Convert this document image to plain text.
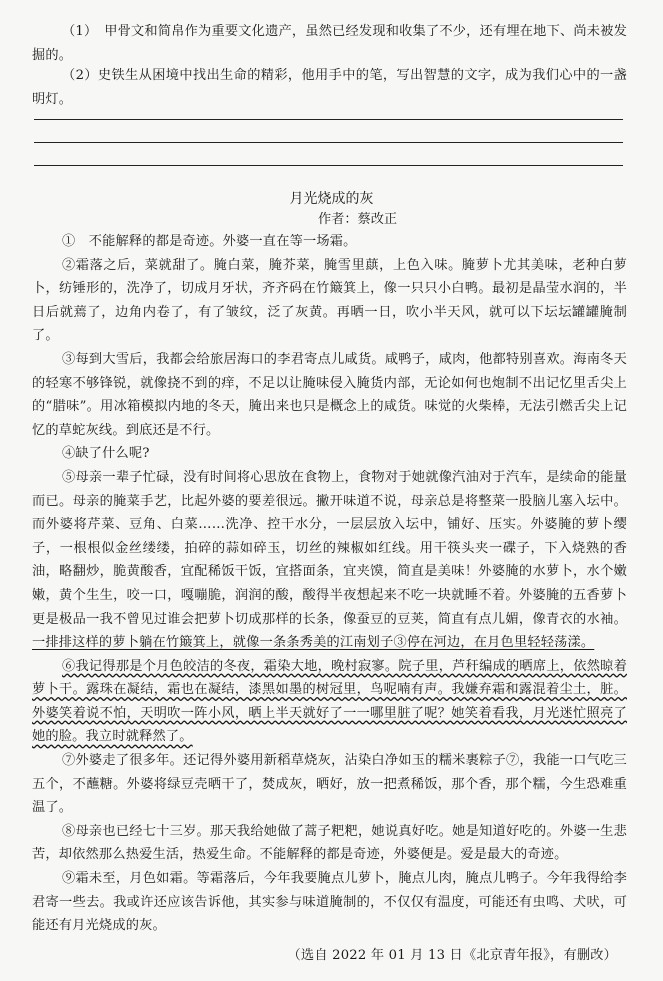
（1）　甲骨文和简帛作为重要文化遗产，虽然已经发现和收集了不少，还有埋在地下、尚未被发掘的。

（2）史铁生从困境中找出生命的精彩，他用手中的笔，写出智慧的文字，成为我们心中的一盏明灯。

月光烧成的灰
作者：蔡改正

①　不能解释的都是奇迹。外婆一直在等一场霜。

②霜落之后，菜就甜了。腌白菜，腌芥菜，腌雪里蕻，上色入味。腌萝卜尤其美味，老种白萝卜，纺锤形的，洗净了，切成月牙状，齐齐码在竹簸箕上，像一只只小白鸭。最初是晶莹水润的，半日后就蔫了，边角内卷了，有了皱纹，泛了灰黄。再晒一日，吹小半天风，就可以下坛坛罐罐腌制了。

③每到大雪后，我都会给旅居海口的李君寄点儿咸货。咸鸭子，咸肉，他都特别喜欢。海南冬天的轻寒不够锋锐，就像挠不到的痒，不足以让腌味侵入腌货内部，无论如何也炮制不出记忆里舌尖上的“腊味”。用冰箱模拟内地的冬天，腌出来也只是概念上的咸货。味觉的火柴棒，无法引燃舌尖上记忆的草蛇灰线。到底还是不行。

④缺了什么呢?

⑤母亲一辈子忙碌，没有时间将心思放在食物上，食物对于她就像汽油对于汽车，是续命的能量而已。母亲的腌菜手艺，比起外婆的要差很远。撇开味道不说，母亲总是将整菜一股脑儿塞入坛中。而外婆将芹菜、豆角、白菜……洗净、控干水分，一层层放入坛中，铺好、压实。外婆腌的萝卜缨子，一根根似金丝缕缕，拍碎的蒜如碎玉，切丝的辣椒如红线。用干筷头夹一碟子，下入烧熟的香油，略翻炒，脆黄酸香，宜配稀饭干饭，宜搭面条，宜夹馍，简直是美味！外婆腌的水萝卜，水个嫩嫩，黄个生生，咬一口，嘎嘣脆，润润的酸，酸得半夜想起来不吃一块就睡不着。外婆腌的五香萝卜更是极品一我不曾见过谁会把萝卜切成那样的长条，像蚕豆的豆荚，简直有点儿媚，像青衣的水袖。一排排这样的萝卜躺在竹簸箕上，就像一条条秀美的江南划子③停在河边，在月色里轻轻荡漾。

⑥我记得那是个月色皎洁的冬夜，霜染大地，晚村寂寥。院子里，芦秆编成的晒席上，依然晾着萝卜干。露珠在凝结，霜也在凝结，漆黑如墨的树冠里，鸟呢喃有声。我嫌弃霜和露混着尘土，脏。外婆笑着说不怕，天明吹一阵小风，晒上半天就好了一一哪里脏了呢？她笑着看我，月光迷忙照亮了她的脸。我立时就释然了。

⑦外婆走了很多年。还记得外婆用新稻草烧灰，沾染白净如玉的糯米裹粽子⑦，我能一口气吃三五个，不蘸糖。外婆将绿豆壳晒干了，焚成灰，晒好，放一把煮稀饭，那个香，那个糯，今生恐难重温了。

⑧母亲也已经七十三岁。那天我给她做了蒿子粑粑，她说真好吃。她是知道好吃的。外婆一生悲苦，却依然那么热爱生活，热爱生命。不能解释的都是奇迹，外婆便是。爱是最大的奇迹。

⑨霜未至，月色如霜。等霜落后，今年我要腌点儿萝卜，腌点儿肉，腌点儿鸭子。今年我得给李君寄一些去。我或许还应该告诉他，其实参与味道腌制的，不仅仅有温度，可能还有虫鸣、犬吠，可能还有月光烧成的灰。

（选自 2022 年 01 月 13 日《北京青年报》，有删改）
